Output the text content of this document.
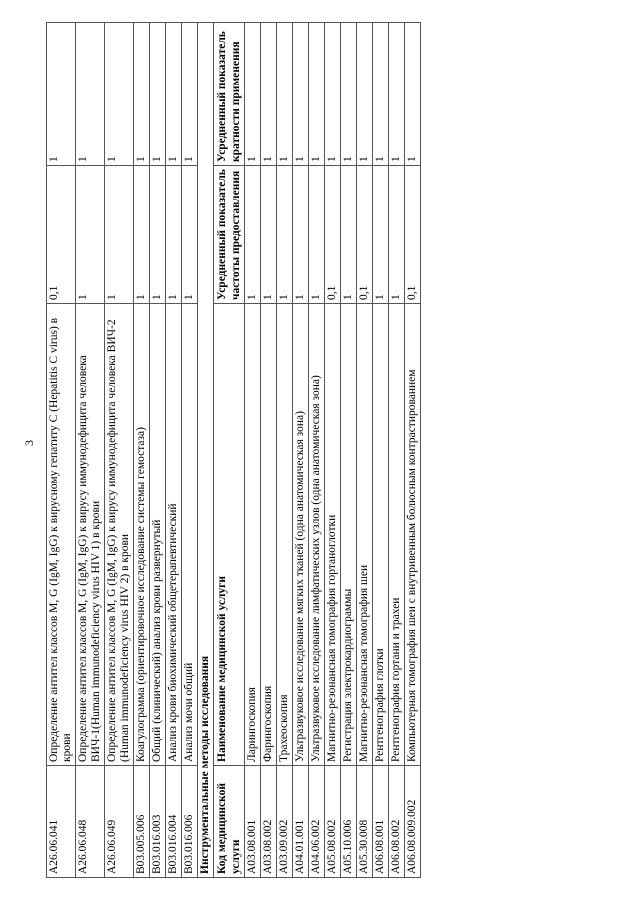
3
A26.06.041	Определение антител классов M, G (IgM, IgG) к вирусному гепатиту C (Hepatitis C virus) в крови	0,1	1
A26.06.048	Определение антител классов M, G (IgM, IgG) к вирусу иммунодефицита человека ВИЧ-1(Human immunodeficiency virus HIV 1) в крови	1	1
A26.06.049	Определение антител классов M, G (IgM, IgG) к вирусу иммунодефицита человека ВИЧ-2 (Human immunodeficiency virus HIV 2) в крови	1	1
B03.005.006	Коагулограмма (ориентировочное исследование системы гемостаза)	1	1
B03.016.003	Общий (клинический) анализ крови развернутый	1	1
B03.016.004	Анализ крови биохимический общетерапевтический	1	1
B03.016.006	Анализ мочи общий	1	1
Инструментальные методы исследования			
Код медицинской услуги	Наименование медицинской услуги	Усредненный показатель частоты предоставления	Усредненный показатель кратности применения
A03.08.001	Ларингоскопия	1	1
A03.08.002	Фарингоскопия	1	1
A03.09.002	Трахеоскопия	1	1
A04.01.001	Ультразвуковое исследование мягких тканей (одна анатомическая зона)	1	1
A04.06.002	Ультразвуковое исследование лимфатических узлов (одна анатомическая зона)	1	1
A05.08.002	Магнитно-резонансная томография гортаноглотки	0,1	1
A05.10.006	Регистрация электрокардиограммы	1	1
A05.30.008	Магнитно-резонансная томография шеи	0,1	1
A06.08.001	Рентгенография глотки	1	1
A06.08.002	Рентгенография гортани и трахеи	1	1
A06.08.009.002	Компьютерная томография шеи с внутривенным болюсным контрастированием	0,1	1
